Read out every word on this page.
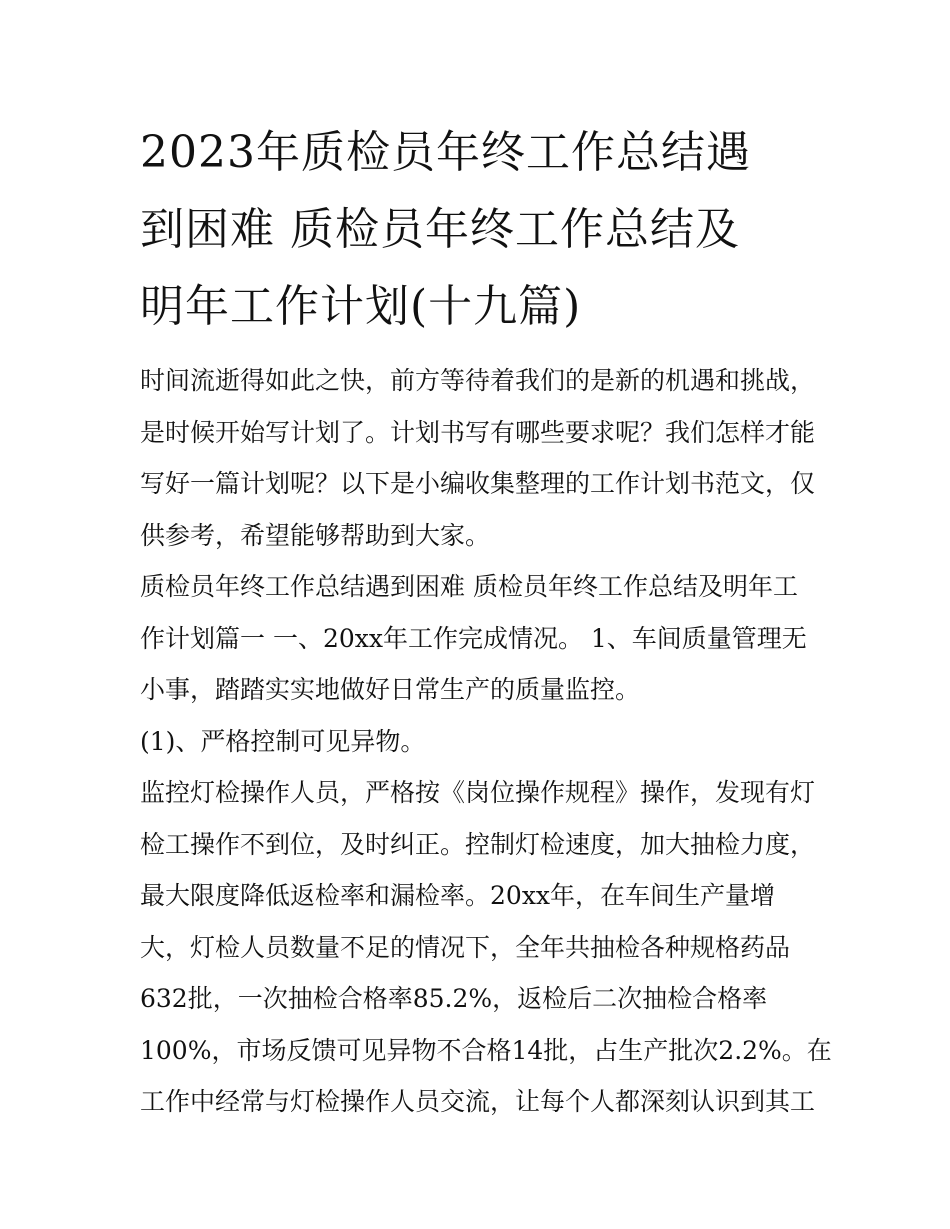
2023年质检员年终工作总结遇
到困难 质检员年终工作总结及
明年工作计划(十九篇)
时间流逝得如此之快，前方等待着我们的是新的机遇和挑战，
是时候开始写计划了。计划书写有哪些要求呢？我们怎样才能
写好一篇计划呢？以下是小编收集整理的工作计划书范文，仅
供参考，希望能够帮助到大家。
质检员年终工作总结遇到困难 质检员年终工作总结及明年工
作计划篇一 一、20xx年工作完成情况。 1、车间质量管理无
小事，踏踏实实地做好日常生产的质量监控。
(1)、严格控制可见异物。
监控灯检操作人员，严格按《岗位操作规程》操作，发现有灯
检工操作不到位，及时纠正。控制灯检速度，加大抽检力度，
最大限度降低返检率和漏检率。20xx年，在车间生产量增
大，灯检人员数量不足的情况下，全年共抽检各种规格药品
632批，一次抽检合格率85.2%，返检后二次抽检合格率
100%，市场反馈可见异物不合格14批，占生产批次2.2%。在
工作中经常与灯检操作人员交流，让每个人都深刻认识到其工
